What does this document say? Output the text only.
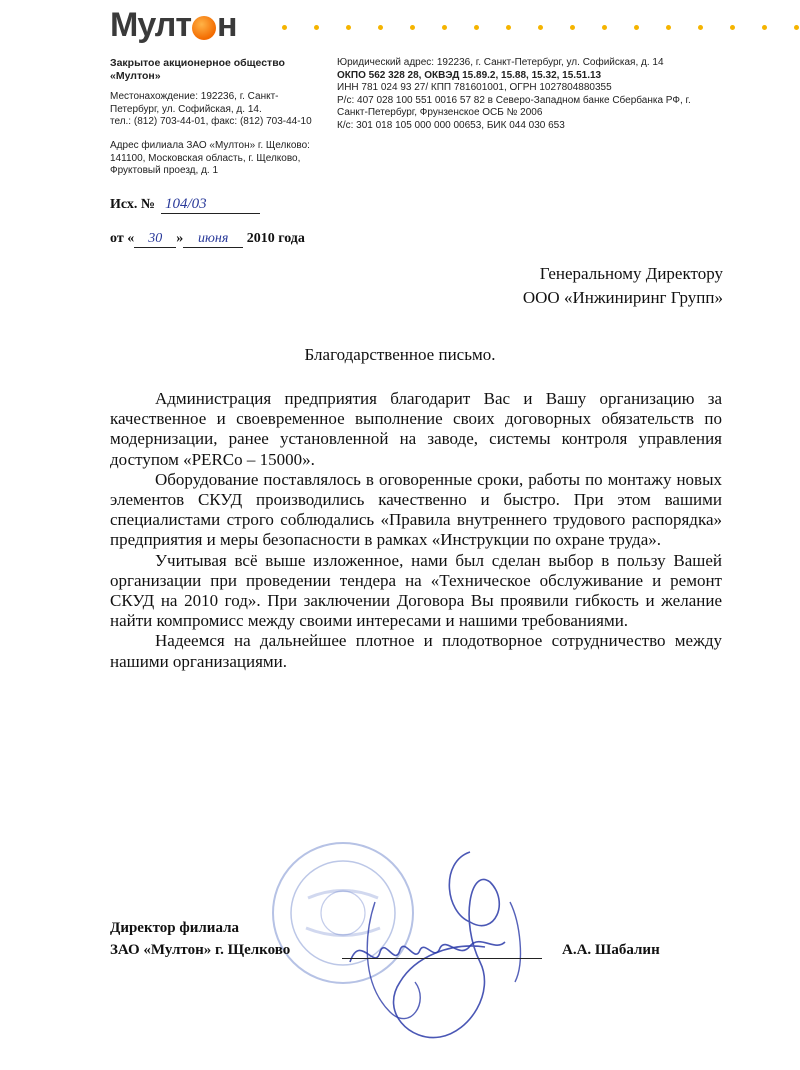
Мулт н
Закрытое акционерное общество
«Мултон»
Местонахождение: 192236, г. Санкт-
Петербург, ул. Софийская, д. 14.
тел.: (812) 703-44-01, факс: (812) 703-44-10
Адрес филиала ЗАО «Мултон» г. Щелково:
141100, Московская область, г. Щелково,
Фруктовый проезд, д. 1
Юридический адрес: 192236, г. Санкт-Петербург, ул. Софийская, д. 14
ОКПО 562 328 28, ОКВЭД 15.89.2, 15.88, 15.32, 15.51.13
ИНН 781 024 93 27/ КПП 781601001, ОГРН 1027804880355
Р/с: 407 028 100 551 0016 57 82 в Северо-Западном банке Сбербанка РФ, г.
Санкт-Петербург, Фрунзенское ОСБ № 2006
К/с: 301 018 105 000 000 00653, БИК 044 030 653
Исх. № 104/03
от « 30 » июня 2010 года
Генеральному Директору
ООО «Инжиниринг Групп»
Благодарственное письмо.

Администрация предприятия благодарит Вас и Вашу организацию за качественное и своевременное выполнение своих договорных обязательств по модернизации, ранее установленной на заводе, системы контроля управления доступом «PERCo – 15000».

Оборудование поставлялось в оговоренные сроки, работы по монтажу новых элементов СКУД производились качественно и быстро. При этом вашими специалистами строго соблюдались «Правила внутреннего трудового распорядка» предприятия и меры безопасности в рамках «Инструкции по охране труда».

Учитывая всё выше изложенное, нами был сделан выбор в пользу Вашей организации при проведении тендера на «Техническое обслуживание и ремонт СКУД на 2010 год». При заключении Договора Вы проявили гибкость и желание найти компромисс между своими интересами и нашими требованиями.

Надеемся на дальнейшее плотное и плодотворное сотрудничество между нашими организациями.

Директор филиала
ЗАО «Мултон» г. Щелково	А.А. Шабалин
